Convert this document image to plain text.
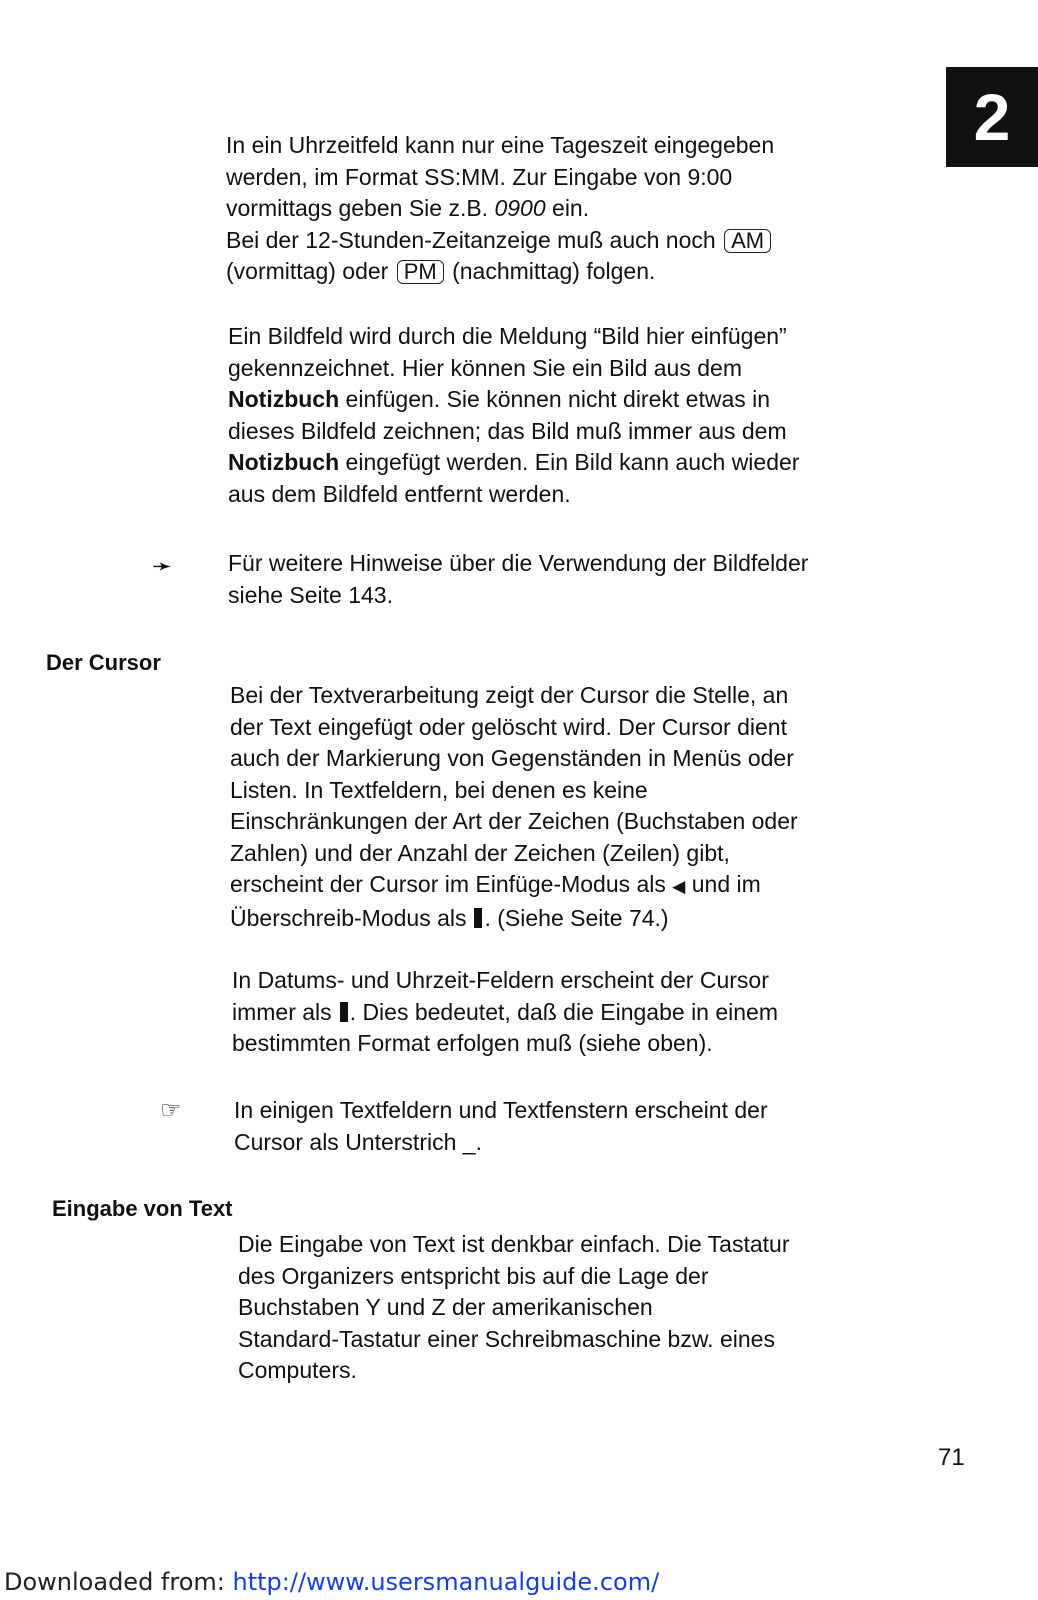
2

In ein Uhrzeitfeld kann nur eine Tageszeit eingegeben

werden, im Format SS:MM. Zur Eingabe von 9:00

vormittags geben Sie z.B. 0900 ein.

Bei der 12-Stunden-Zeitanzeige muß auch noch AM

(vormittag) oder PM (nachmittag) folgen.

Ein Bildfeld wird durch die Meldung “Bild hier einfügen”

gekennzeichnet. Hier können Sie ein Bild aus dem

Notizbuch einfügen. Sie können nicht direkt etwas in

dieses Bildfeld zeichnen; das Bild muß immer aus dem

Notizbuch eingefügt werden. Ein Bild kann auch wieder

aus dem Bildfeld entfernt werden.

➛ Für weitere Hinweise über die Verwendung der Bildfelder

siehe Seite 143.

Der Cursor

Bei der Textverarbeitung zeigt der Cursor die Stelle, an

der Text eingefügt oder gelöscht wird. Der Cursor dient

auch der Markierung von Gegenständen in Menüs oder

Listen. In Textfeldern, bei denen es keine

Einschränkungen der Art der Zeichen (Buchstaben oder

Zahlen) und der Anzahl der Zeichen (Zeilen) gibt,

erscheint der Cursor im Einfüge-Modus als ◀ und im

Überschreib-Modus als . (Siehe Seite 74.)

In Datums- und Uhrzeit-Feldern erscheint der Cursor

immer als . Dies bedeutet, daß die Eingabe in einem

bestimmten Format erfolgen muß (siehe oben).

☞ In einigen Textfeldern und Textfenstern erscheint der

Cursor als Unterstrich _.

Eingabe von Text

Die Eingabe von Text ist denkbar einfach. Die Tastatur

des Organizers entspricht bis auf die Lage der

Buchstaben Y und Z der amerikanischen

Standard-Tastatur einer Schreibmaschine bzw. eines

Computers.

71
Downloaded from: http://www.usersmanualguide.com/
